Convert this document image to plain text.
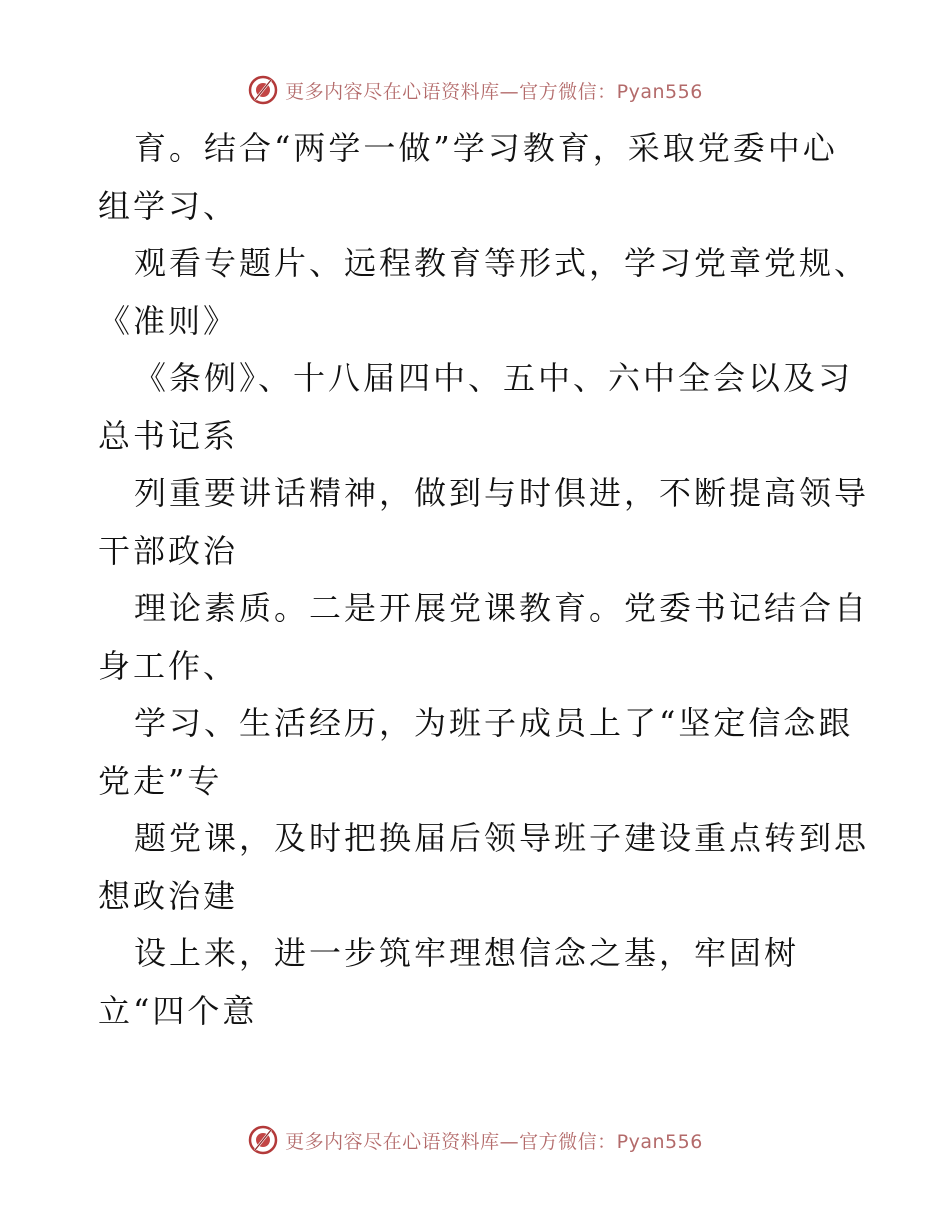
更多内容尽在心语资料库—官方微信：Pyan556
育。结合“两学一做”学习教育，采取党委中心
组学习、
观看专题片、远程教育等形式，学习党章党规、
《准则》
《条例》、十八届四中、五中、六中全会以及习
总书记系
列重要讲话精神，做到与时俱进，不断提高领导
干部政治
理论素质。二是开展党课教育。党委书记结合自
身工作、
学习、生活经历，为班子成员上了“坚定信念跟
党走”专
题党课，及时把换届后领导班子建设重点转到思
想政治建
设上来，进一步筑牢理想信念之基，牢固树
立“四个意
更多内容尽在心语资料库—官方微信：Pyan556
